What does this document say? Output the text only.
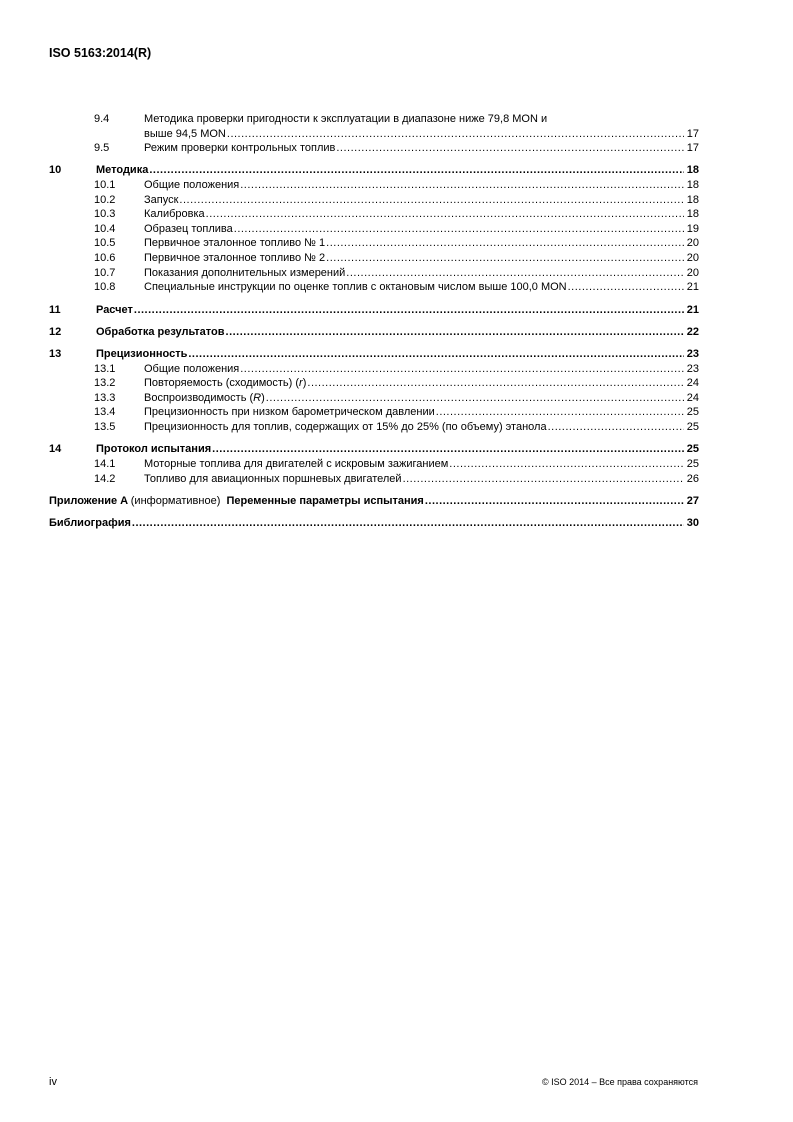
ISO 5163:2014(R)
9.4	Методика проверки пригодности к эксплуатации в диапазоне ниже 79,8 MON и
выше 94,5 MON .....	17
9.5	Режим проверки контрольных топлив .....	17
10	Методика .....	18
10.1	Общие положения .....	18
10.2	Запуск .....	18
10.3	Калибровка .....	18
10.4	Образец топлива .....	19
10.5	Первичное эталонное топливо № 1 .....	20
10.6	Первичное эталонное топливо № 2 .....	20
10.7	Показания дополнительных измерений .....	20
10.8	Специальные инструкции по оценке топлив с октановым числом выше 100,0 MON .....	21
11	Расчет .....	21
12	Обработка результатов .....	22
13	Прецизионность .....	23
13.1	Общие положения .....	23
13.2	Повторяемость (сходимость) (r) .....	24
13.3	Воспроизводимость (R) .....	24
13.4	Прецизионность при низком барометрическом давлении .....	25
13.5	Прецизионность для топлив, содержащих от 15% до 25% (по объему) этанола .....	25
14	Протокол испытания .....	25
14.1	Моторные топлива для двигателей с искровым зажиганием .....	25
14.2	Топливо для авиационных поршневых двигателей .....	26
Приложение A (информативное) Переменные параметры испытания .....	27
Библиография .....	30
iv	© ISO 2014 – Все права сохраняются
